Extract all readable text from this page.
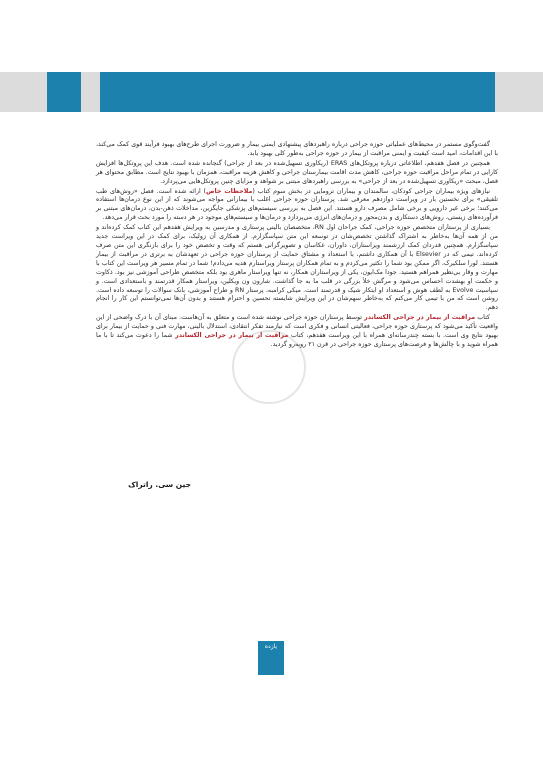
گفت‌وگوی مستمر در محیط‌های عملیاتی حوزه جراحی درباره راهبردهای پیشنهادی ایمنی بیمار و ضرورت اجرای طرح‌های بهبود فرآیند قوی کمک می‌کند، با این اقدامات، امید است کیفیت و ایمنی مراقبت از بیمار در حوزه جراحی به‌طور کلی بهبود یابد.

همچنین در فصل هفدهم، اطلاعاتی درباره پروتکل‌های ERAS (ریکاوری تسهیل‌شده در بعد از جراحی) گنجانده شده است. هدف این پروتکل‌ها افزایش کارایی در تمام مراحل مراقبت حوزه جراحی، کاهش مدت اقامت بیمارستان جراحی و کاهش هزینه مراقبت، همزمان با بهبود نتایج است. مطابق محتوای هر فصل، مبحث «ریکاوری تسهیل‌شده در بعد از جراحی» به بررسی راهبردهای مبتنی بر شواهد و مزایای چنین پروتکل‌هایی می‌پردازد.

نیازهای ویژه بیماران جراحی کودکان، سالمندان و بیماران ترومایی در بخش سوم کتاب (ملاحظات خاص) ارائه شده است. فصل «روش‌های طب تلفیقی» برای نخستین بار در ویراست دوازدهم معرفی شد. پرستاران حوزه جراحی اغلب با بیمارانی مواجه می‌شوند که از این نوع درمان‌ها استفاده می‌کنند؛ برخی غیر دارویی و برخی شامل مصرف دارو هستند. این فصل به بررسی سیستم‌های پزشکی جایگزین، مداخلات ذهن-بدن، درمان‌های مبتنی بر فرآورده‌های زیستی، روش‌های دستکاری و بدن‌محور و درمان‌های انرژی می‌پردازد و درمان‌ها و سیستم‌های موجود در هر دسته را مورد بحث قرار می‌دهد.

بسیاری از پرستاران متخصص حوزه جراحی، کمک جراحان اول RN، متخصصان بالینی پرستاری و مدرسین به ویرایش هفدهم این کتاب کمک کرده‌اند و من از همه آن‌ها به‌خاطر به اشتراک گذاشتن تخصص‌شان در توسعه این متن سپاسگزارم. از همکاری آن زولیک، برای کمک در این ویراست جدید سپاسگزارم. همچنین قدردان کمک ارزشمند ویراستاران، داوران، عکاسان و تصویرگرانی هستم که وقت و تخصص خود را برای بازنگری این متن صرف کرده‌اند. تیمی که در Elsevier با آن همکاری داشتم، با استعداد و مشتاق حمایت از پرستاران حوزه جراحی در تعهدشان به برتری در مراقبت از بیمار هستند. لورا سلکیرک، اگر ممکن بود شما را تکثیر می‌کردم و به تمام همکاران پرستار ویراستارم هدیه می‌دادم! شما در تمام مسیر هر ویراست این کتاب با مهارت و وقار بی‌نظیر همراهم هستید. جودا مک‌ایون، یکی از ویراستاران همکار، نه تنها ویراستار ماهری بود بلکه متخصص طراحی آموزشی نیز بود. ذکاوت و حکمت او بهشدت احساس می‌شود و مرگش خلأ بزرگی در قلب ما به جا گذاشت. شارون ون ویکلین، ویراستار همکار قدرتمند و باستعدادی است. و سپاسیت Evolve به لطف هوش و استعداد او ابتکار شیک و قدرتمند است. میکی کرامبه، پرستار RN و طراح آموزشی، بانک سوالات را توسعه داده است. روشن است که من با تیمی کار می‌کنم که به‌خاطر سهم‌شان در این ویرایش شایسته تحسین و احترام هستند و بدون آن‌ها نمی‌توانستم این کار را انجام دهم.

کتاب مراقبت از بیمار در جراحی الکساندر توسط پرستاران حوزه جراحی نوشته شده است و متعلق به آن‌هاست. مبنای آن با درک واضحی از این واقعیت تأکید می‌شود که پرستاری حوزه جراحی، فعالیتی انسانی و فکری است که نیازمند تفکر انتقادی، استدلال بالینی، مهارت فنی و حمایت از بیمار برای بهبود نتایج وی است. با بسته چندرسانه‌ای همراه با این ویراست هفدهم، کتاب مراقبت از بیمار در جراحی الکساندر شما را دعوت می‌کند تا با ما همراه شوید و با چالش‌ها و فرصت‌های پرستاری حوزه جراحی در قرن ۲۱ روبه‌رو گردید.

جین سی. راتراک
یازده
